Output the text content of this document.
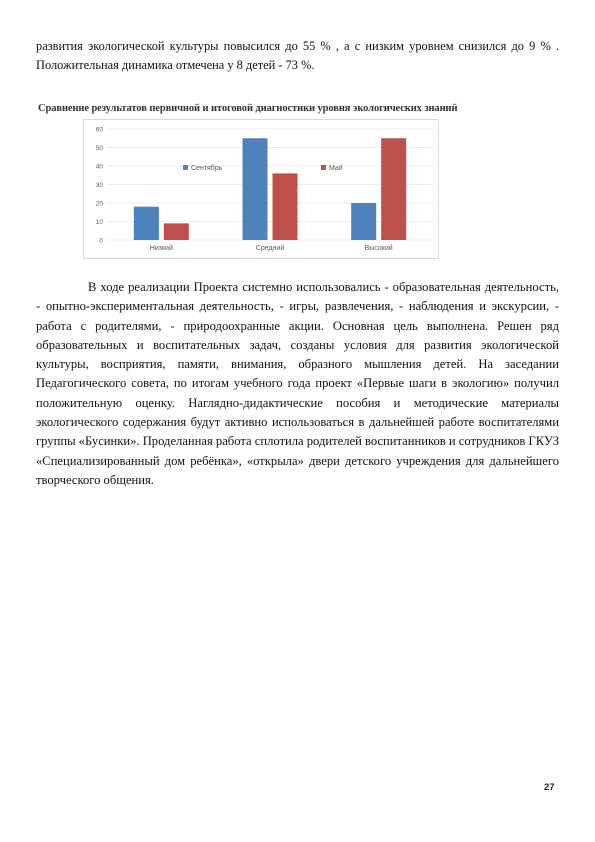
развития экологической культуры повысился до 55 % , а с низким уровнем снизился до 9 % . Положительная динамика отмечена у 8 детей - 73 %.

Сравнение результатов первичной и итоговой диагностики уровня экологических знаний
0
10
20
30
40
50
60
Низкий	Средний	Высокий
Сентябрь	Май

В ходе реализации Проекта системно использовались - образовательная деятельность, - опытно-экспериментальная деятельность, - игры, развлечения, - наблюдения и экскурсии, - работа с родителями, - природоохранные акции. Основная цель выполнена. Решен ряд образовательных и воспитательных задач, созданы условия для развития экологической культуры, восприятия, памяти, внимания, образного мышления детей. На заседании Педагогического совета, по итогам учебного года проект «Первые шаги в экологию» получил положительную оценку. Наглядно-дидактические пособия и методические материалы экологического содержания будут активно использоваться в дальнейшей работе воспитателями группы «Бусинки». Проделанная работа сплотила родителей воспитанников и сотрудников ГКУЗ «Специализированный дом ребёнка», «открыла» двери детского учреждения для дальнейшего творческого общения.

27
